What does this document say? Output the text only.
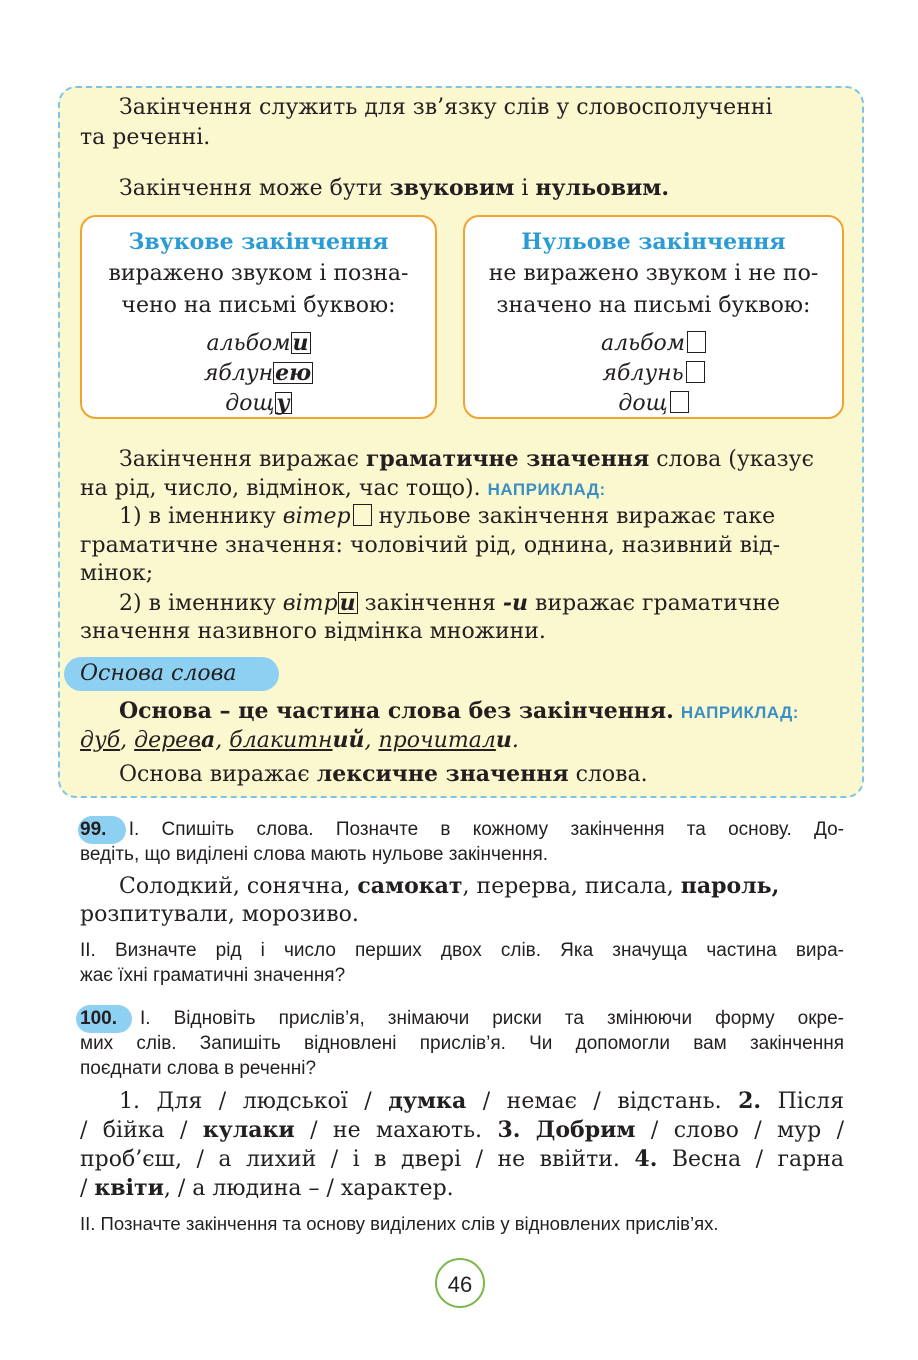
Закінчення служить для зв’язку слів у словосполученні
та реченні.
Закінчення може бути звуковим і нульовим.
Звукове закінчення
виражено звуком і позна-
чено на письмі буквою:
альбоми
яблунею
дощу
Нульове закінчення
не виражено звуком і не по-
значено на письмі буквою:
альбом
яблунь
дощ
Закінчення виражає граматичне значення слова (указує
на рід, число, відмінок, час тощо). НАПРИКЛАД:
1) в іменнику вітер нульове закінчення виражає таке
граматичне значення: чоловічий рід, однина, називний від-
мінок;
2) в іменнику вітри закінчення -и виражає граматичне
значення називного відмінка множини.
Основа слова
Основа – це частина слова без закінчення. НАПРИКЛАД:
дуб, дерева, блакитний, прочитали.
Основа виражає лексичне значення слова.
99. I. Спишіть слова. Позначте в кожному закінчення та основу. До-
ведіть, що виділені слова мають нульове закінчення.
Солодкий, сонячна, самокат, перерва, писала, пароль,
розпитували, морозиво.
II. Визначте рід і число перших двох слів. Яка значуща частина вира-
жає їхні граматичні значення?
100. I. Відновіть прислів’я, знімаючи риски та змінюючи форму окре-
мих слів. Запишіть відновлені прислів’я. Чи допомогли вам закінчення
поєднати слова в реченні?
1. Для / людської / думка / немає / відстань. 2. Після
/ бійка / кулаки / не махають. 3. Добрим / слово / мур /
проб’єш, / а лихий / і в двері / не ввійти. 4. Весна / гарна
/ квіти, / а людина – / характер.
II. Позначте закінчення та основу виділених слів у відновлених прислів’ях.
46
